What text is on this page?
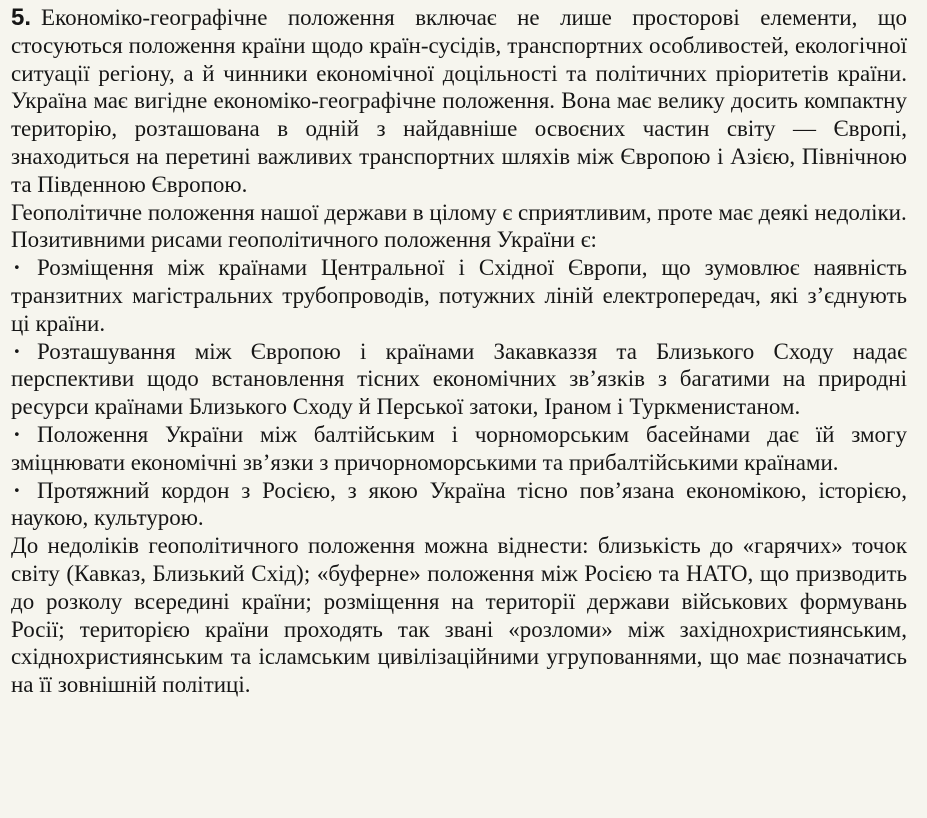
5. Економіко-географічне положення включає не лише просторові елементи, що стосуються положення країни щодо країн-сусідів, транспортних особливостей, екологічної ситуації регіону, а й чинники економічної доцільності та політичних пріоритетів країни. Україна має вигідне економіко-географічне положення. Вона має велику досить компактну територію, розташована в одній з найдавніше освоєних частин світу — Європі, знаходиться на перетині важливих транспортних шляхів між Європою і Азією, Північною та Південною Європою.

Геополітичне положення нашої держави в цілому є сприятливим, проте має деякі недоліки.

Позитивними рисами геополітичного положення України є:

· Розміщення між країнами Центральної і Східної Європи, що зумовлює наявність транзитних магістральних трубопроводів, потужних ліній електропередач, які з’єднують ці країни.

· Розташування між Європою і країнами Закавказзя та Близького Сходу надає перспективи щодо встановлення тісних економічних зв’язків з багатими на природні ресурси країнами Близького Сходу й Перської затоки, Іраном і Туркменистаном.

· Положення України між балтійським і чорноморським басейнами дає їй змогу зміцнювати економічні зв’язки з причорноморськими та прибалтійськими країнами.

· Протяжний кордон з Росією, з якою Україна тісно пов’язана економікою, історією, наукою, культурою.

До недоліків геополітичного положення можна віднести: близькість до «гарячих» точок світу (Кавказ, Близький Схід); «буферне» положення між Росією та НАТО, що призводить до розколу всередині країни; розміщення на території держави військових формувань Росії; територією країни проходять так звані «розломи» між західнохристиянським, східнохристиянським та ісламським цивілізаційними угрупованнями, що має позначатись на її зовнішній політиці.
